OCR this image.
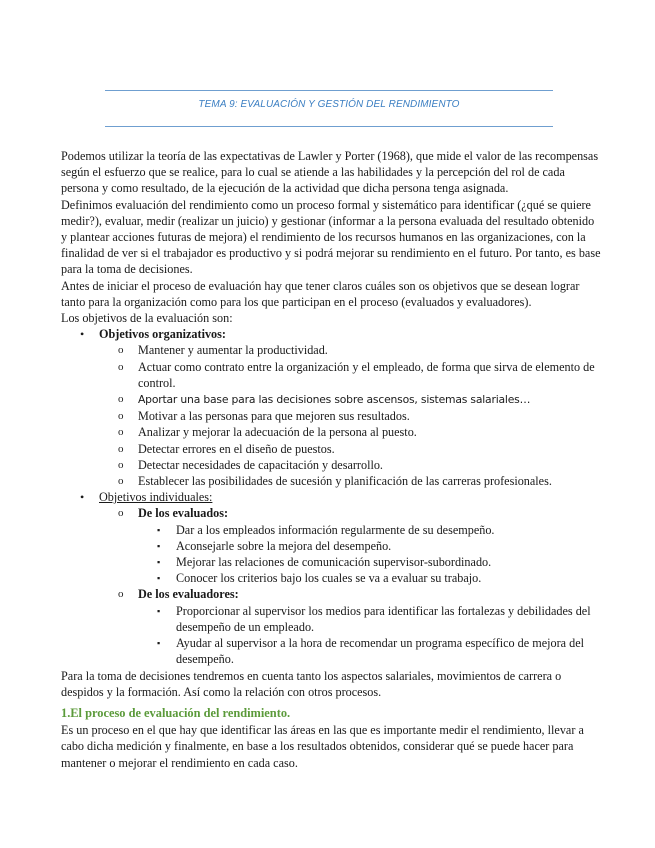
TEMA 9: EVALUACIÓN Y GESTIÓN DEL RENDIMIENTO

Podemos utilizar la teoría de las expectativas de Lawler y Porter (1968), que mide el valor de las recompensas según el esfuerzo que se realice, para lo cual se atiende a las habilidades y la percepción del rol de cada persona y como resultado, de la ejecución de la actividad que dicha persona tenga asignada.

Definimos evaluación del rendimiento como un proceso formal y sistemático para identificar (¿qué se quiere medir?), evaluar, medir (realizar un juicio) y gestionar (informar a la persona evaluada del resultado obtenido y plantear acciones futuras de mejora) el rendimiento de los recursos humanos en las organizaciones, con la finalidad de ver si el trabajador es productivo y si podrá mejorar su rendimiento en el futuro. Por tanto, es base para la toma de decisiones.

Antes de iniciar el proceso de evaluación hay que tener claros cuáles son os objetivos que se desean lograr tanto para la organización como para los que participan en el proceso (evaluados y evaluadores).

Los objetivos de la evaluación son:

• Objetivos organizativos:
o Mantener y aumentar la productividad.
o Actuar como contrato entre la organización y el empleado, de forma que sirva de elemento de control.
o Aportar una base para las decisiones sobre ascensos, sistemas salariales…
o Motivar a las personas para que mejoren sus resultados.
o Analizar y mejorar la adecuación de la persona al puesto.
o Detectar errores en el diseño de puestos.
o Detectar necesidades de capacitación y desarrollo.
o Establecer las posibilidades de sucesión y planificación de las carreras profesionales.
• Objetivos individuales:
o De los evaluados:
▪ Dar a los empleados información regularmente de su desempeño.
▪ Aconsejarle sobre la mejora del desempeño.
▪ Mejorar las relaciones de comunicación supervisor-subordinado.
▪ Conocer los criterios bajo los cuales se va a evaluar su trabajo.
o De los evaluadores:
▪ Proporcionar al supervisor los medios para identificar las fortalezas y debilidades del desempeño de un empleado.
▪ Ayudar al supervisor a la hora de recomendar un programa específico de mejora del desempeño.

Para la toma de decisiones tendremos en cuenta tanto los aspectos salariales, movimientos de carrera o despidos y la formación. Así como la relación con otros procesos.

1.El proceso de evaluación del rendimiento.

Es un proceso en el que hay que identificar las áreas en las que es importante medir el rendimiento, llevar a cabo dicha medición y finalmente, en base a los resultados obtenidos, considerar qué se puede hacer para mantener o mejorar el rendimiento en cada caso.
